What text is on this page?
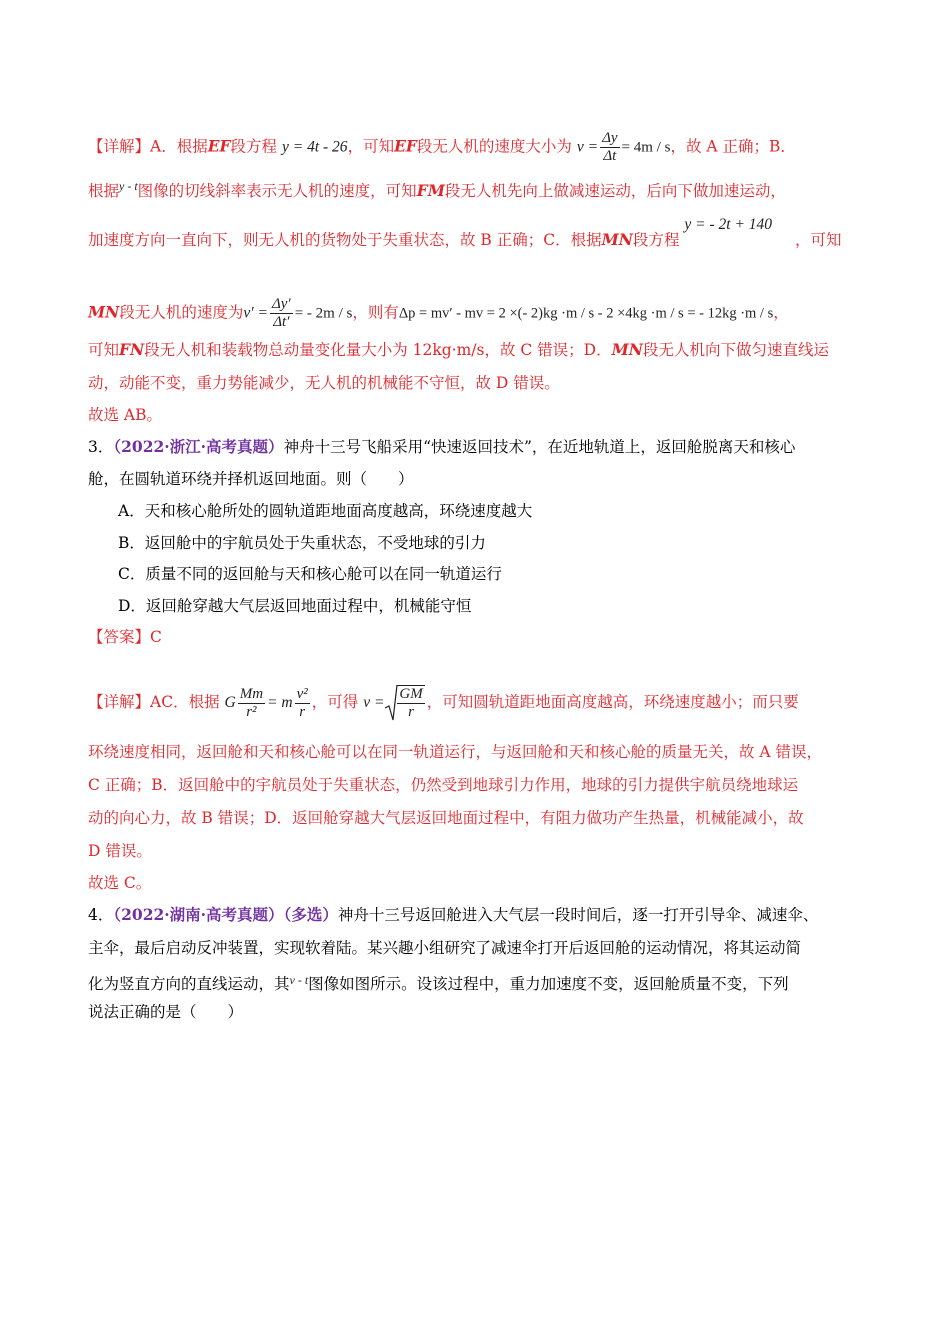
【详解】A．根据EF段方程 y = 4t - 26，可知EF段无人机的速度大小为 $v = \frac{\Delta y}{\Delta t} = 4m / s$，故 A 正确；B．
根据$^{y - t}$图像的切线斜率表示无人机的速度，可知FM段无人机先向上做减速运动，后向下做加速运动，
加速度方向一直向下，则无人机的货物处于失重状态，故 B 正确；C．根据MN段方程 y = - 2t + 140 ，可知
MN段无人机的速度为$v' = \frac{\Delta y'}{\Delta t'}$ = - 2m / s，则有Δp = mv′ - mv = 2 ×(- 2)kg ·m / s - 2 ×4kg ·m / s = - 12kg ·m / s，
可知FN段无人机和装载物总动量变化量大小为 12kg·m/s，故 C 错误；D．MN段无人机向下做匀速直线运
动，动能不变，重力势能减少，无人机的机械能不守恒，故 D 错误。
故选 AB。
3．（2022·浙江·高考真题）神舟十三号飞船采用“快速返回技术”，在近地轨道上，返回舱脱离天和核心
舱，在圆轨道环绕并择机返回地面。则（　　）
A．天和核心舱所处的圆轨道距地面高度越高，环绕速度越大
B．返回舱中的宇航员处于失重状态，不受地球的引力
C．质量不同的返回舱与天和核心舱可以在同一轨道运行
D．返回舱穿越大气层返回地面过程中，机械能守恒
【答案】C
【详解】AC．根据 G $\frac{Mm}{\text{r²}} = m \frac{\text{v²}}{r}$ ，可得 $v = \frac{GM}{r}$ ，可知圆轨道距地面高度越高，环绕速度越小；而只要
环绕速度相同，返回舱和天和核心舱可以在同一轨道运行，与返回舱和天和核心舱的质量无关，故 A 错误，
C 正确；B．返回舱中的宇航员处于失重状态，仍然受到地球引力作用，地球的引力提供宇航员绕地球运
动的向心力，故 B 错误；D．返回舱穿越大气层返回地面过程中，有阻力做功产生热量，机械能减小，故
D 错误。
故选 C。
4．（2022·湖南·高考真题）（多选）神舟十三号返回舱进入大气层一段时间后，逐一打开引导伞、减速伞、
主伞，最后启动反冲装置，实现软着陆。某兴趣小组研究了减速伞打开后返回舱的运动情况，将其运动简
化为竖直方向的直线运动，其$^{v - t}$图像如图所示。设该过程中，重力加速度不变，返回舱质量不变，下列
说法正确的是（　　）
